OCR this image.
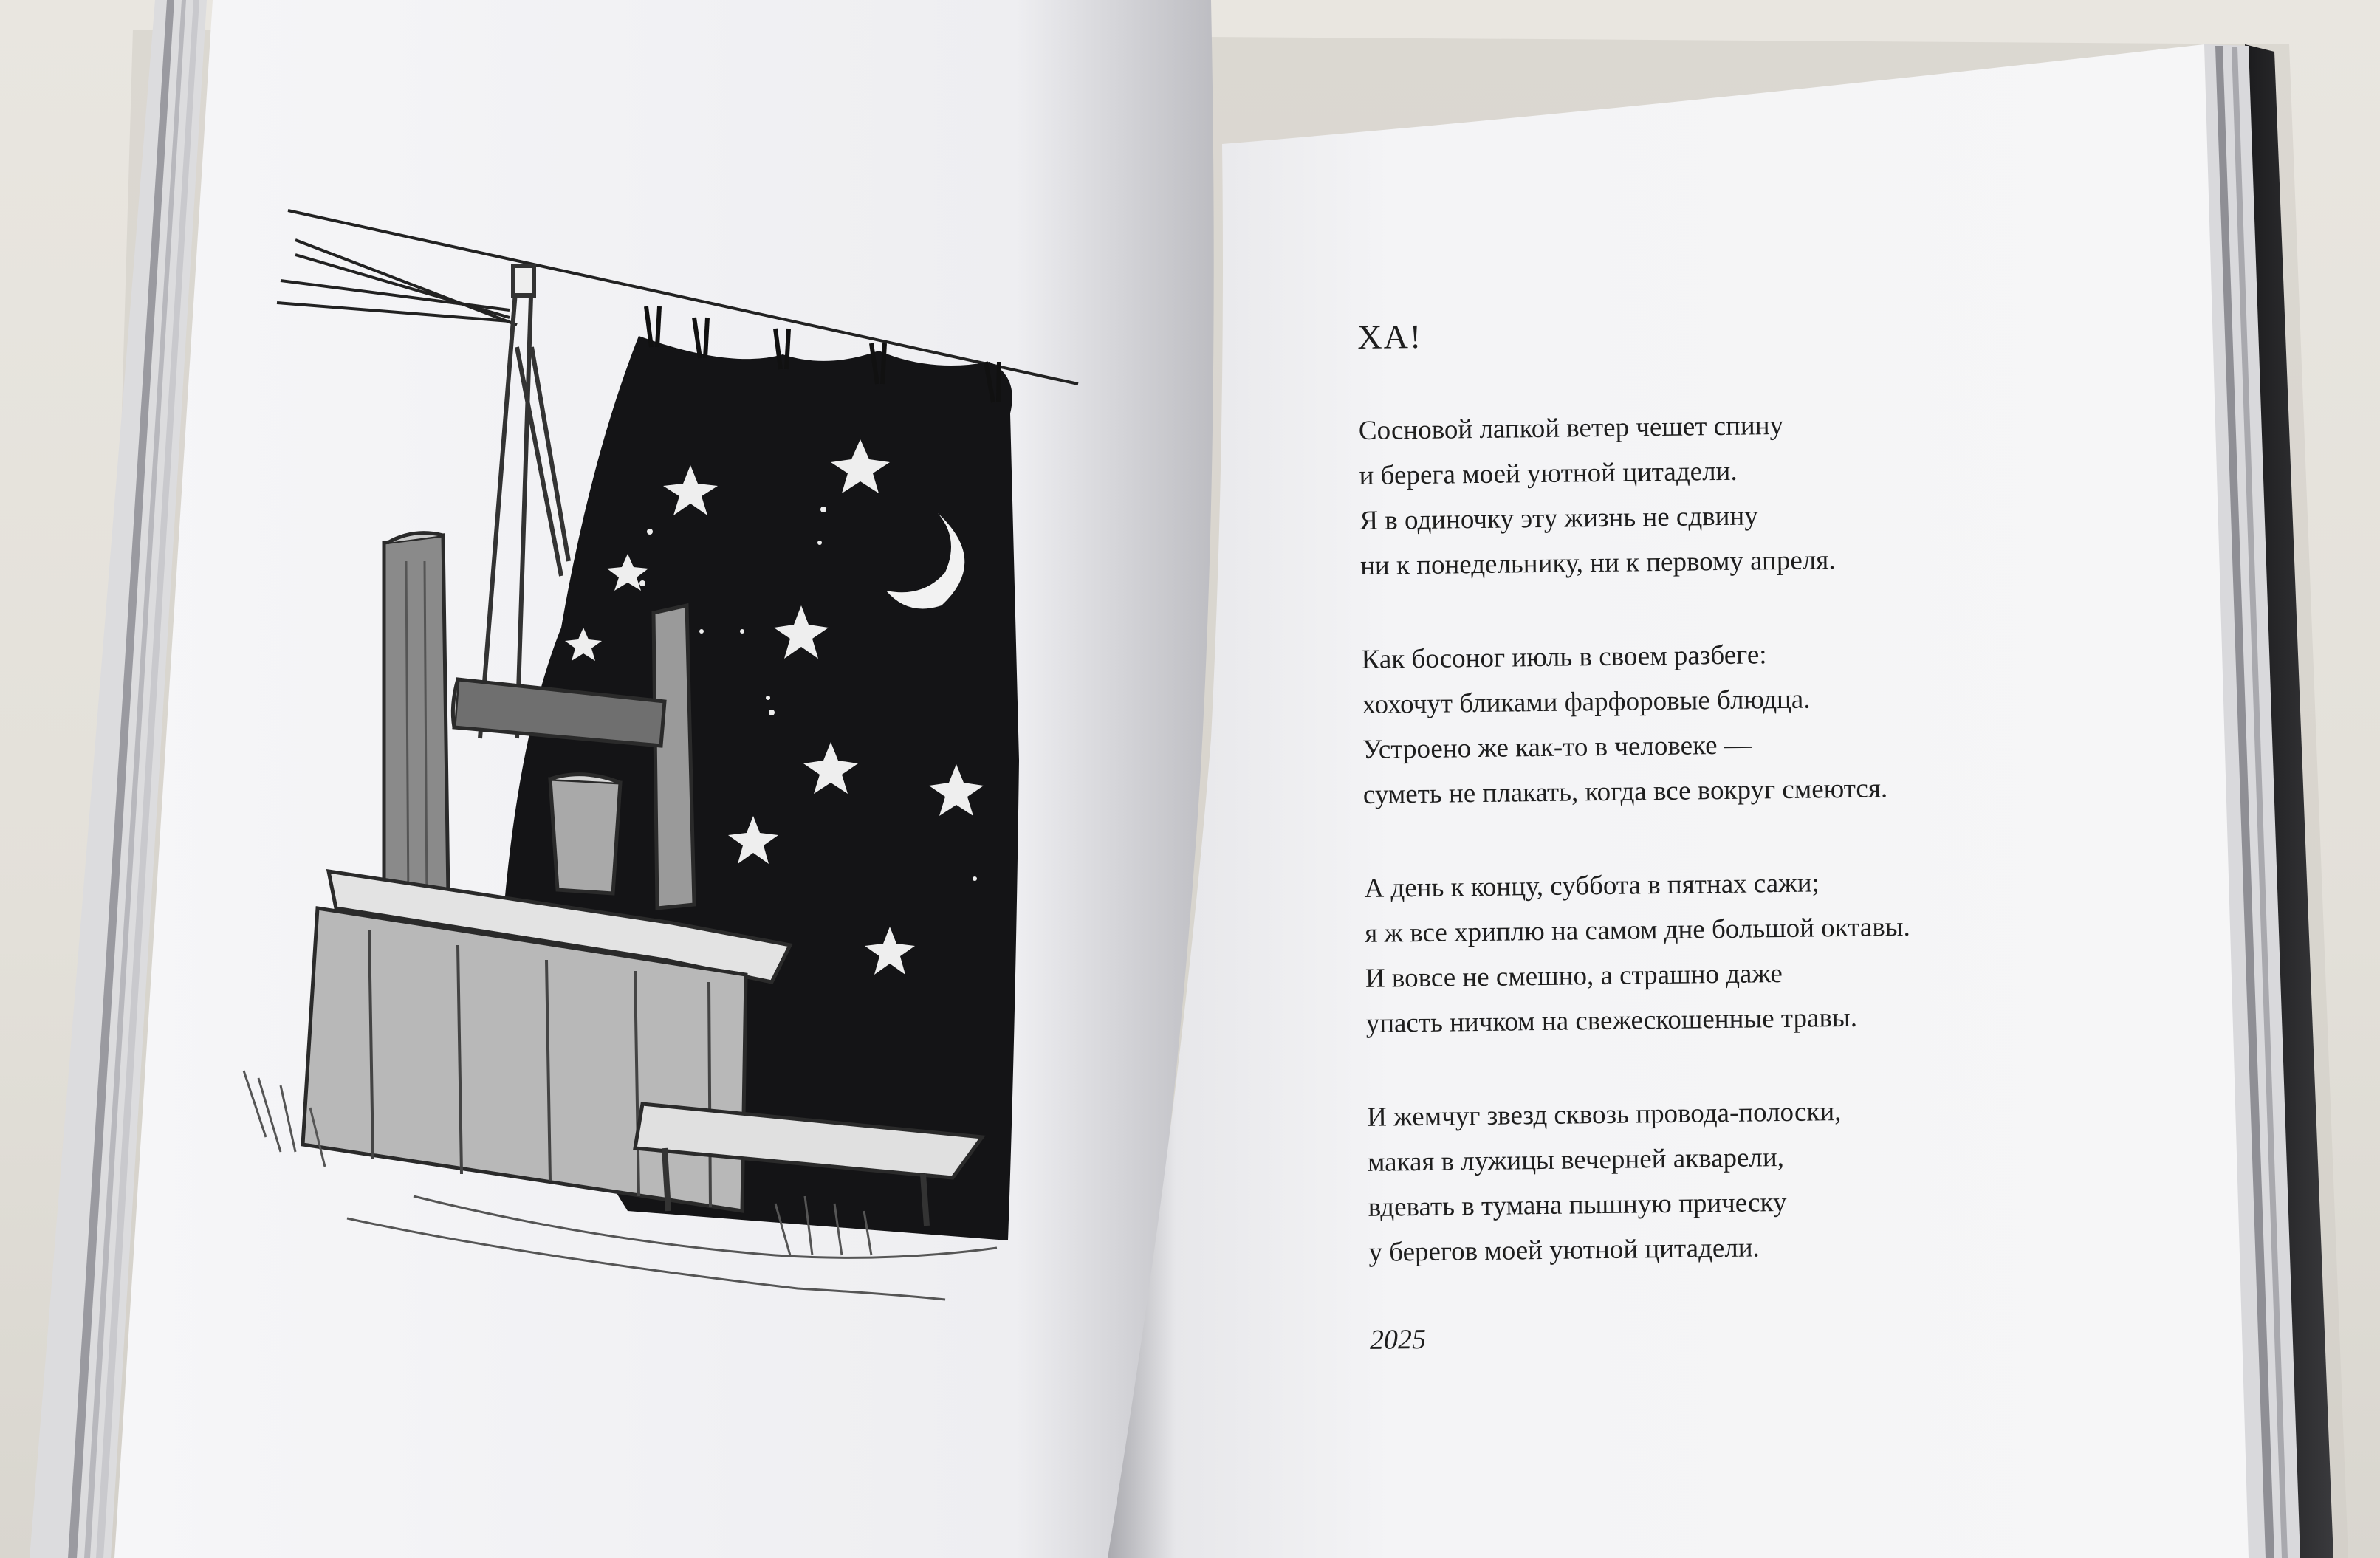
ХА!
Сосновой лапкой ветер чешет спину
и берега моей уютной цитадели.
Я в одиночку эту жизнь не сдвину
ни к понедельнику, ни к первому апреля.
Как босоног июль в своем разбеге:
хохочут бликами фарфоровые блюдца.
Устроено же как-то в человеке —
суметь не плакать, когда все вокруг смеются.
А день к концу, суббота в пятнах сажи;
я ж все хриплю на самом дне большой октавы.
И вовсе не смешно, а страшно даже
упасть ничком на свежескошенные травы.
И жемчуг звезд сквозь провода-полоски,
макая в лужицы вечерней акварели,
вдевать в тумана пышную прическу
у берегов моей уютной цитадели.
2025
